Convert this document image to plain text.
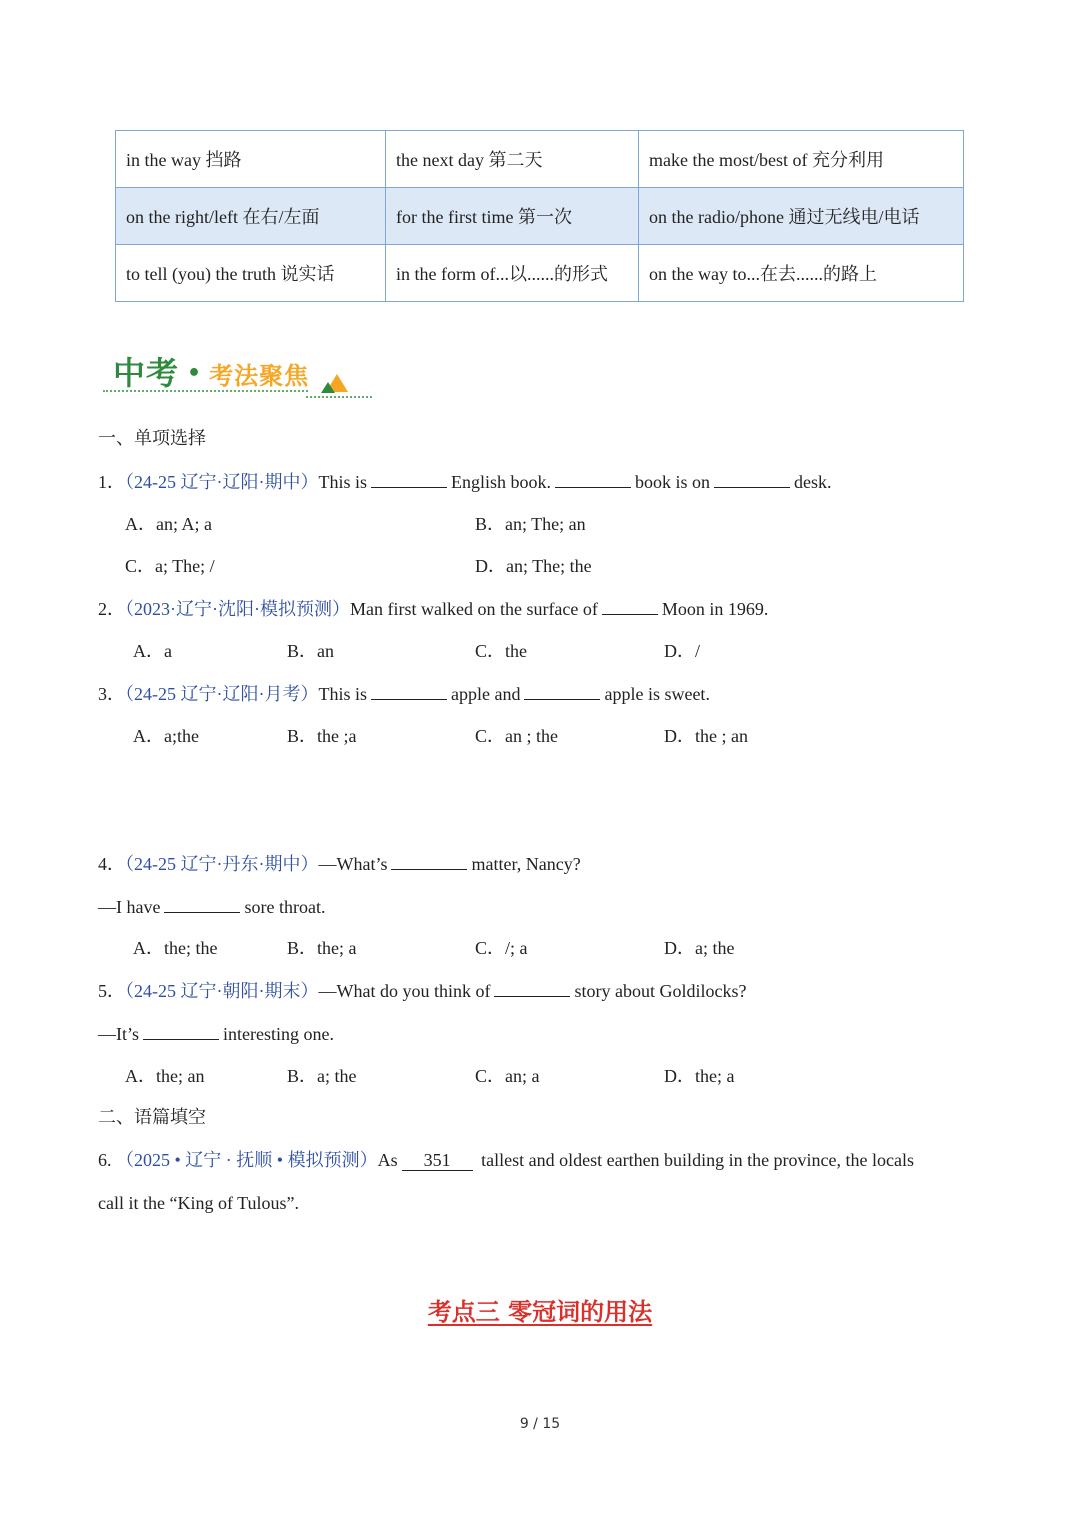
in the way 挡路	the next day 第二天	make the most/best of 充分利用
on the right/left 在右/左面	for the first time 第一次	on the radio/phone 通过无线电/电话
to tell (you) the truth 说实话	in the form of...以......的形式	on the way to...在去......的路上
中考 • 考法聚焦
一、单项选择
1．（24-25 辽宁·辽阳·期中）This is	English book.	book is on	desk.
A．an; A; a	B．an; The; an
C．a; The; /	D．an; The; the
2．（2023·辽宁·沈阳·模拟预测）Man first walked on the surface of	Moon in 1969.
A．a	B．an	C．the	D．/
3．（24-25 辽宁·辽阳·月考）This is	apple and	apple is sweet.
A．a;the	B．the ;a	C．an ; the	D．the ; an
4．（24-25 辽宁·丹东·期中）—What’s	matter, Nancy?
—I have	sore throat.
A．the; the	B．the; a	C．/; a	D．a; the
5．（24-25 辽宁·朝阳·期末）—What do you think of	story about Goldilocks?
—It’s	interesting one.
A．the; an	B．a; the	C．an; a	D．the; a
二、语篇填空
6. （2025 • 辽宁 · 抚顺 • 模拟预测）As 351 tallest and oldest earthen building in the province, the locals
call it the “King of Tulous”.
考点三 零冠词的用法
9 / 15
